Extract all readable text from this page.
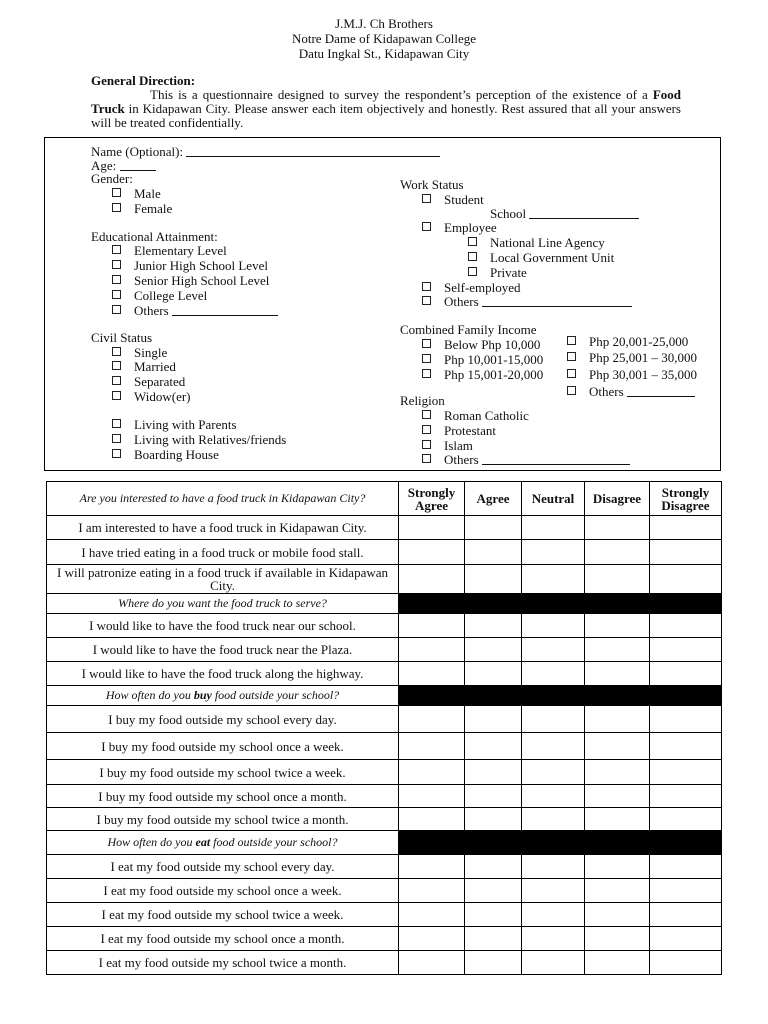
J.M.J. Ch Brothers
Notre Dame of Kidapawan College
Datu Ingkal St., Kidapawan City
General Direction:

This is a questionnaire designed to survey the respondent’s perception of the existence of a Food Truck in Kidapawan City. Please answer each item objectively and honestly. Rest assured that all your answers will be treated confidentially.

Name (Optional):
Age:
Gender:
Male
Female
Educational Attainment:
Elementary Level
Junior High School Level
Senior High School Level
College Level
Others
Civil Status
Single
Married
Separated
Widow(er)
Living with Parents
Living with Relatives/friends
Boarding House
Work Status
Student
School
Employee
National Line Agency
Local Government Unit
Private
Self-employed
Others
Combined Family Income
Below Php 10,000
Php 10,001-15,000
Php 15,001-20,000
Php 20,001-25,000
Php 25,001 – 30,000
Php 30,001 – 35,000
Others
Religion
Roman Catholic
Protestant
Islam
Others
Are you interested to have a food truck in Kidapawan City?	Strongly Agree	Agree	Neutral	Disagree	Strongly Disagree
I am interested to have a food truck in Kidapawan City.					
I have tried eating in a food truck or mobile food stall.					
I will patronize eating in a food truck if available in Kidapawan City.					
Where do you want the food truck to serve?					
I would like to have the food truck near our school.					
I would like to have the food truck near the Plaza.					
I would like to have the food truck along the highway.					
How often do you buy food outside your school?					
I buy my food outside my school every day.					
I buy my food outside my school once a week.					
I buy my food outside my school twice a week.					
I buy my food outside my school once a month.					
I buy my food outside my school twice a month.					
How often do you eat food outside your school?					
I eat my food outside my school every day.					
I eat my food outside my school once a week.					
I eat my food outside my school twice a week.					
I eat my food outside my school once a month.					
I eat my food outside my school twice a month.					
